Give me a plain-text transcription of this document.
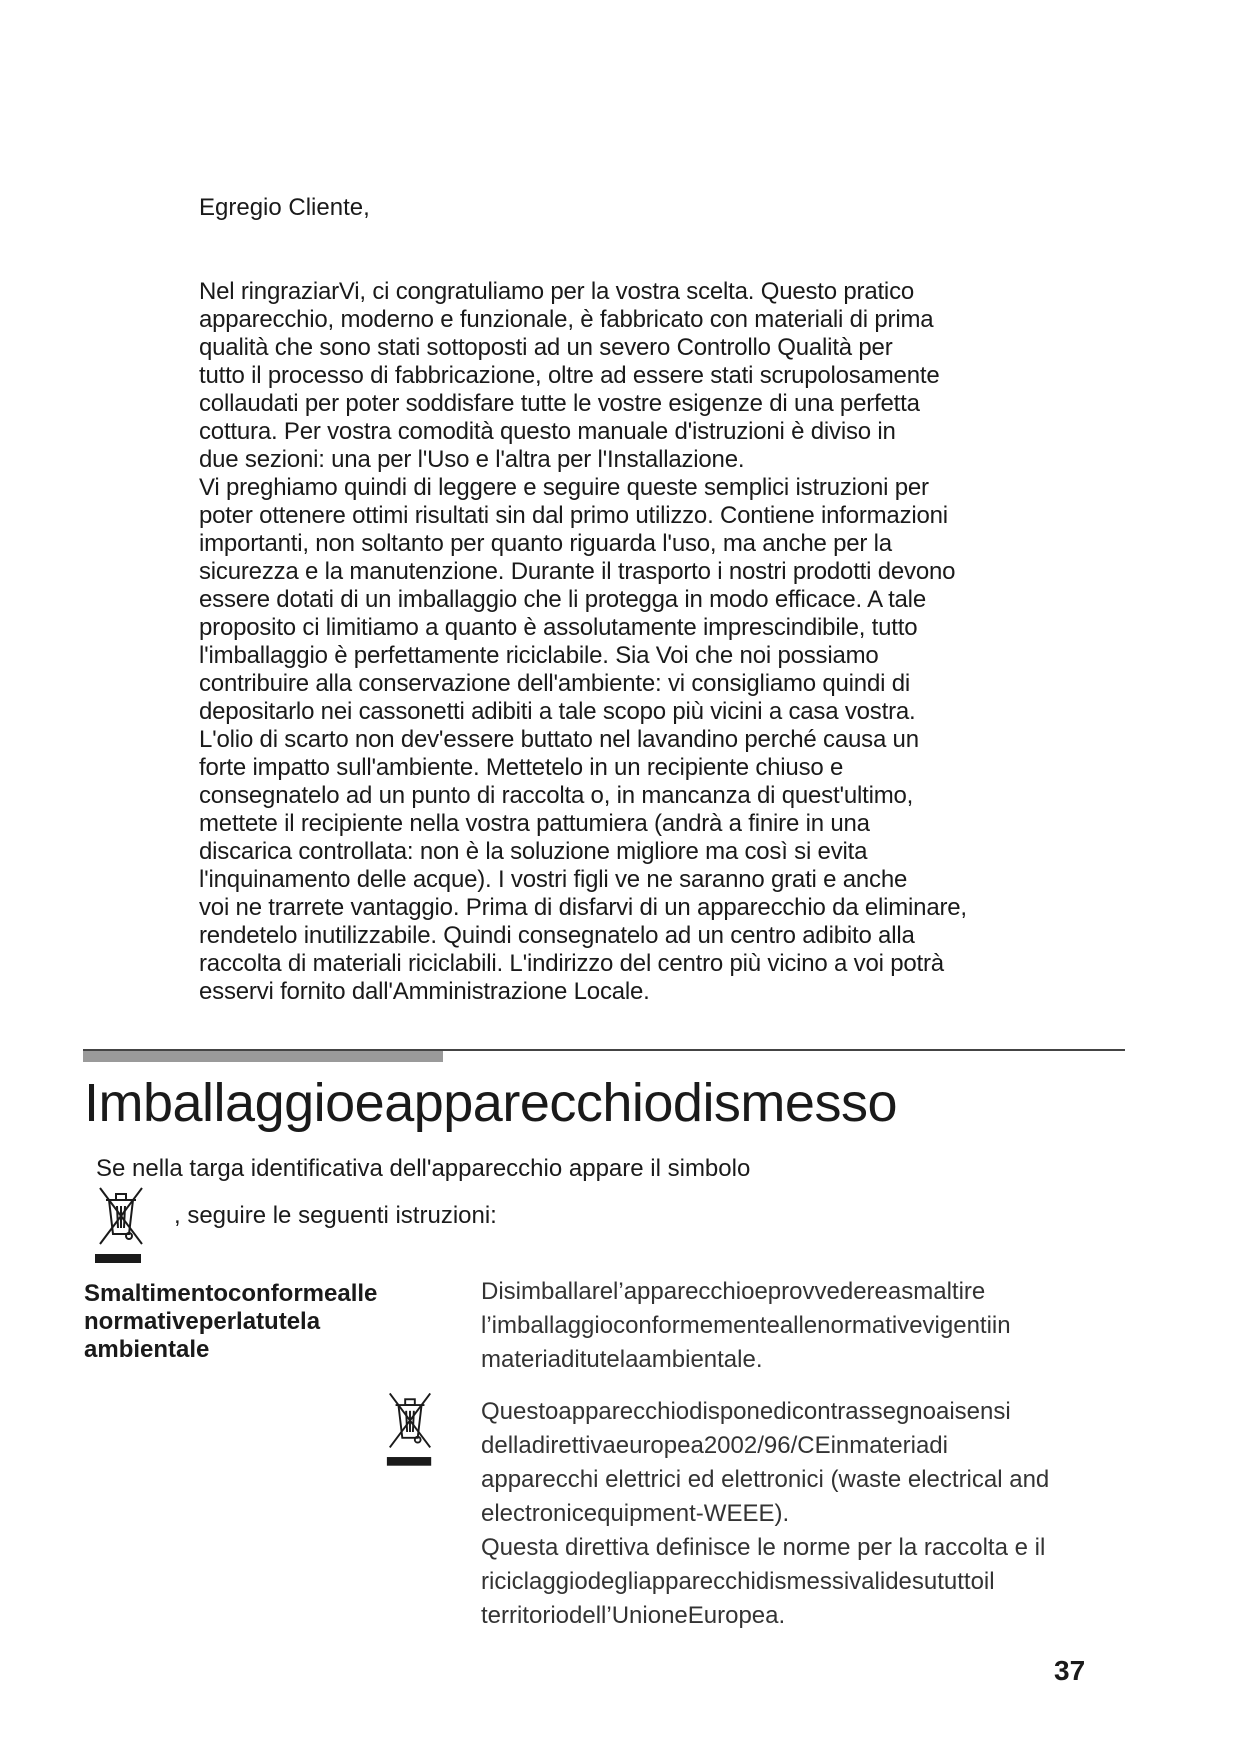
Egregio Cliente,

Nel ringraziarVi, ci congratuliamo per la vostra scelta. Questo pratico
apparecchio, moderno e funzionale, è fabbricato con materiali di prima
qualità che sono stati sottoposti ad un severo Controllo Qualità per
tutto il processo di fabbricazione, oltre ad essere stati scrupolosamente
collaudati per poter soddisfare tutte le vostre esigenze di una perfetta
cottura. Per vostra comodità questo manuale d'istruzioni è diviso in
due sezioni: una per l'Uso e l'altra per l'Installazione.
Vi preghiamo quindi di leggere e seguire queste semplici istruzioni per
poter ottenere ottimi risultati sin dal primo utilizzo. Contiene informazioni
importanti, non soltanto per quanto riguarda l'uso, ma anche per la
sicurezza e la manutenzione. Durante il trasporto i nostri prodotti devono
essere dotati di un imballaggio che li protegga in modo efficace. A tale
proposito ci limitiamo a quanto è assolutamente imprescindibile, tutto
l'imballaggio è perfettamente riciclabile. Sia Voi che noi possiamo
contribuire alla conservazione dell'ambiente: vi consigliamo quindi di
depositarlo nei cassonetti adibiti a tale scopo più vicini a casa vostra.
L'olio di scarto non dev'essere buttato nel lavandino perché causa un
forte impatto sull'ambiente. Mettetelo in un recipiente chiuso e
consegnatelo ad un punto di raccolta o, in mancanza di quest'ultimo,
mettete il recipiente nella vostra pattumiera (andrà a finire in una
discarica controllata: non è la soluzione migliore ma così si evita
l'inquinamento delle acque). I vostri figli ve ne saranno grati e anche
voi ne trarrete vantaggio. Prima di disfarvi di un apparecchio da eliminare,
rendetelo inutilizzabile. Quindi consegnatelo ad un centro adibito alla
raccolta di materiali riciclabili. L'indirizzo del centro più vicino a voi potrà
esservi fornito dall'Amministrazione Locale.
Imballaggioeapparecchiodismesso
Se nella targa identificativa dell'apparecchio appare il simbolo
, seguire le seguenti istruzioni:
Smaltimentoconformealle
normativeperlatutela
ambientale
Disimballarel’apparecchioeprovvedereasmaltire
l’imballaggioconformementeallenormativevigentiin
materiaditutelaambientale.
Questoapparecchiodisponedicontrassegnoaisensi
delladirettivaeuropea2002/96/CEinmateriadi
apparecchi elettrici ed elettronici (waste electrical and
electronicequipment-WEEE).
Questa direttiva definisce le norme per la raccolta e il
riciclaggiodegliapparecchidismessivalidesututtoil
territoriodell’UnioneEuropea.
37
